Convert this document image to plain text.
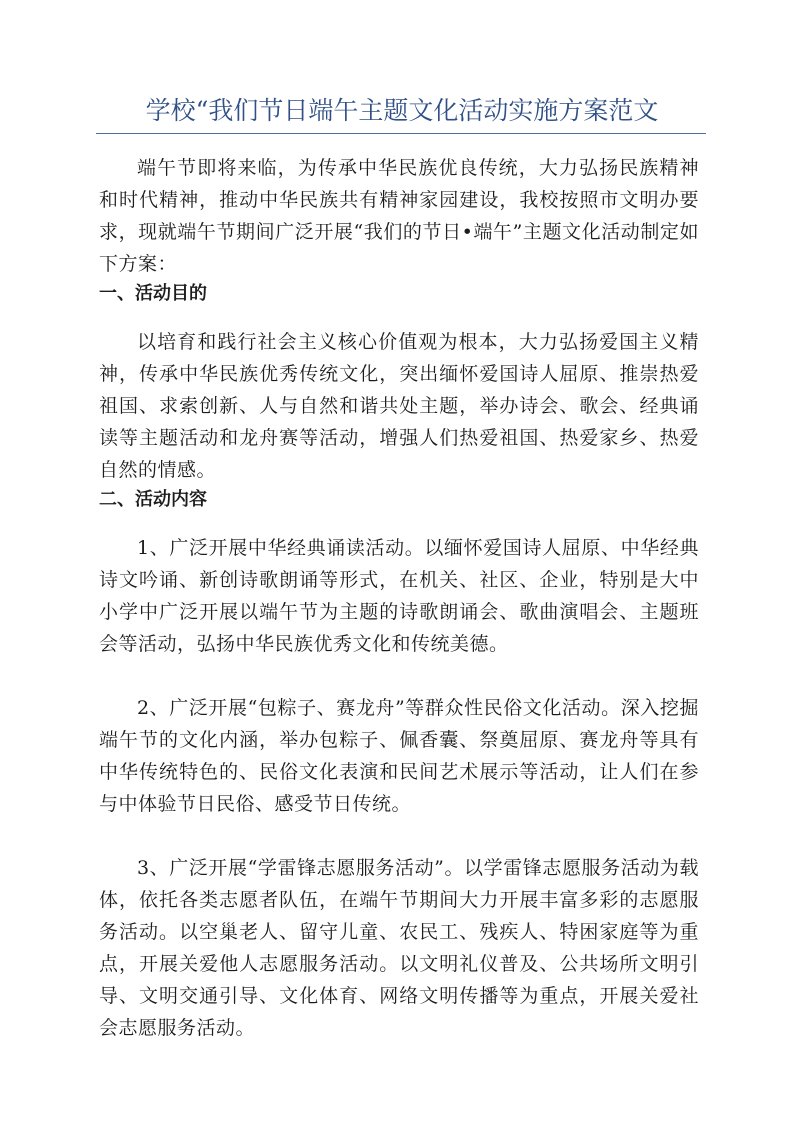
学校“我们节日端午主题文化活动实施方案范文

端午节即将来临，为传承中华民族优良传统，大力弘扬民族精神和时代精神，推动中华民族共有精神家园建设，我校按照市文明办要求，现就端午节期间广泛开展“我们的节日•端午”主题文化活动制定如下方案：

一、活动目的

以培育和践行社会主义核心价值观为根本，大力弘扬爱国主义精神，传承中华民族优秀传统文化，突出缅怀爱国诗人屈原、推崇热爱祖国、求索创新、人与自然和谐共处主题，举办诗会、歌会、经典诵读等主题活动和龙舟赛等活动，增强人们热爱祖国、热爱家乡、热爱自然的情感。

二、活动内容

1、广泛开展中华经典诵读活动。以缅怀爱国诗人屈原、中华经典诗文吟诵、新创诗歌朗诵等形式，在机关、社区、企业，特别是大中小学中广泛开展以端午节为主题的诗歌朗诵会、歌曲演唱会、主题班会等活动，弘扬中华民族优秀文化和传统美德。

2、广泛开展“包粽子、赛龙舟”等群众性民俗文化活动。深入挖掘端午节的文化内涵，举办包粽子、佩香囊、祭奠屈原、赛龙舟等具有中华传统特色的、民俗文化表演和民间艺术展示等活动，让人们在参与中体验节日民俗、感受节日传统。

3、广泛开展“学雷锋志愿服务活动”。以学雷锋志愿服务活动为载体，依托各类志愿者队伍，在端午节期间大力开展丰富多彩的志愿服务活动。以空巢老人、留守儿童、农民工、残疾人、特困家庭等为重点，开展关爱他人志愿服务活动。以文明礼仪普及、公共场所文明引导、文明交通引导、文化体育、网络文明传播等为重点，开展关爱社会志愿服务活动。
